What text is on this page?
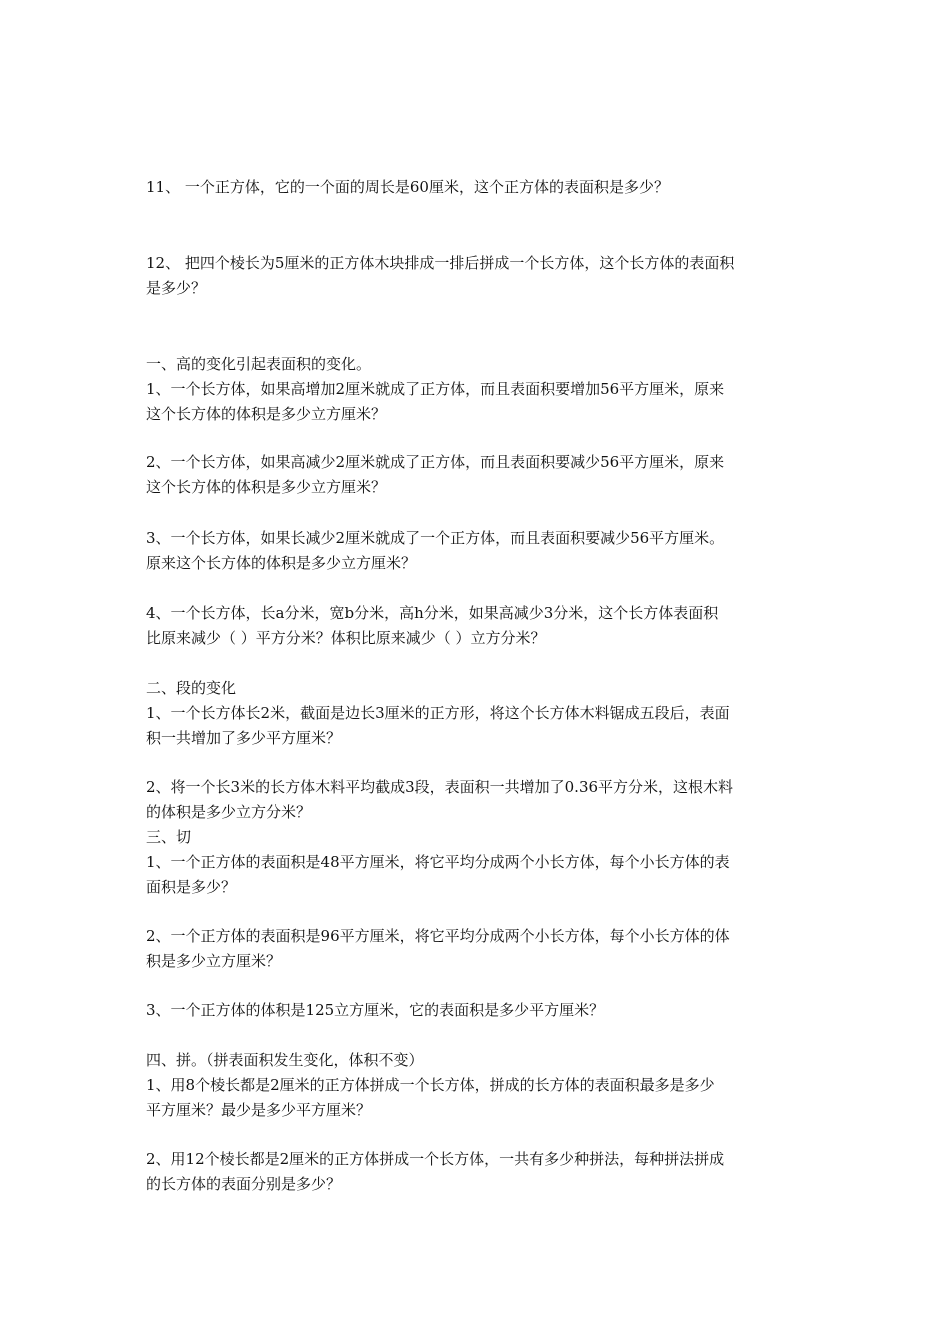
11、 一个正方体，它的一个面的周长是60厘米，这个正方体的表面积是多少？
12、 把四个棱长为5厘米的正方体木块排成一排后拼成一个长方体，这个长方体的表面积
是多少？
一、高的变化引起表面积的变化。
1、一个长方体，如果高增加2厘米就成了正方体，而且表面积要增加56平方厘米，原来
这个长方体的体积是多少立方厘米？
2、一个长方体，如果高减少2厘米就成了正方体，而且表面积要减少56平方厘米，原来
这个长方体的体积是多少立方厘米？
3、一个长方体，如果长减少2厘米就成了一个正方体，而且表面积要减少56平方厘米。
原来这个长方体的体积是多少立方厘米？
4、一个长方体，长a分米，宽b分米，高h分米，如果高减少3分米，这个长方体表面积
比原来减少（ ）平方分米？体积比原来减少（ ）立方分米？
二、段的变化
1、一个长方体长2米，截面是边长3厘米的正方形，将这个长方体木料锯成五段后，表面
积一共增加了多少平方厘米？
2、将一个长3米的长方体木料平均截成3段，表面积一共增加了0.36平方分米，这根木料
的体积是多少立方分米？
三、切
1、一个正方体的表面积是48平方厘米，将它平均分成两个小长方体，每个小长方体的表
面积是多少？
2、一个正方体的表面积是96平方厘米，将它平均分成两个小长方体，每个小长方体的体
积是多少立方厘米？
3、一个正方体的体积是125立方厘米，它的表面积是多少平方厘米？
四、拼。（拼表面积发生变化，体积不变）
1、用8个棱长都是2厘米的正方体拼成一个长方体，拼成的长方体的表面积最多是多少
平方厘米？最少是多少平方厘米？
2、用12个棱长都是2厘米的正方体拼成一个长方体，一共有多少种拼法，每种拼法拼成
的长方体的表面分别是多少？
